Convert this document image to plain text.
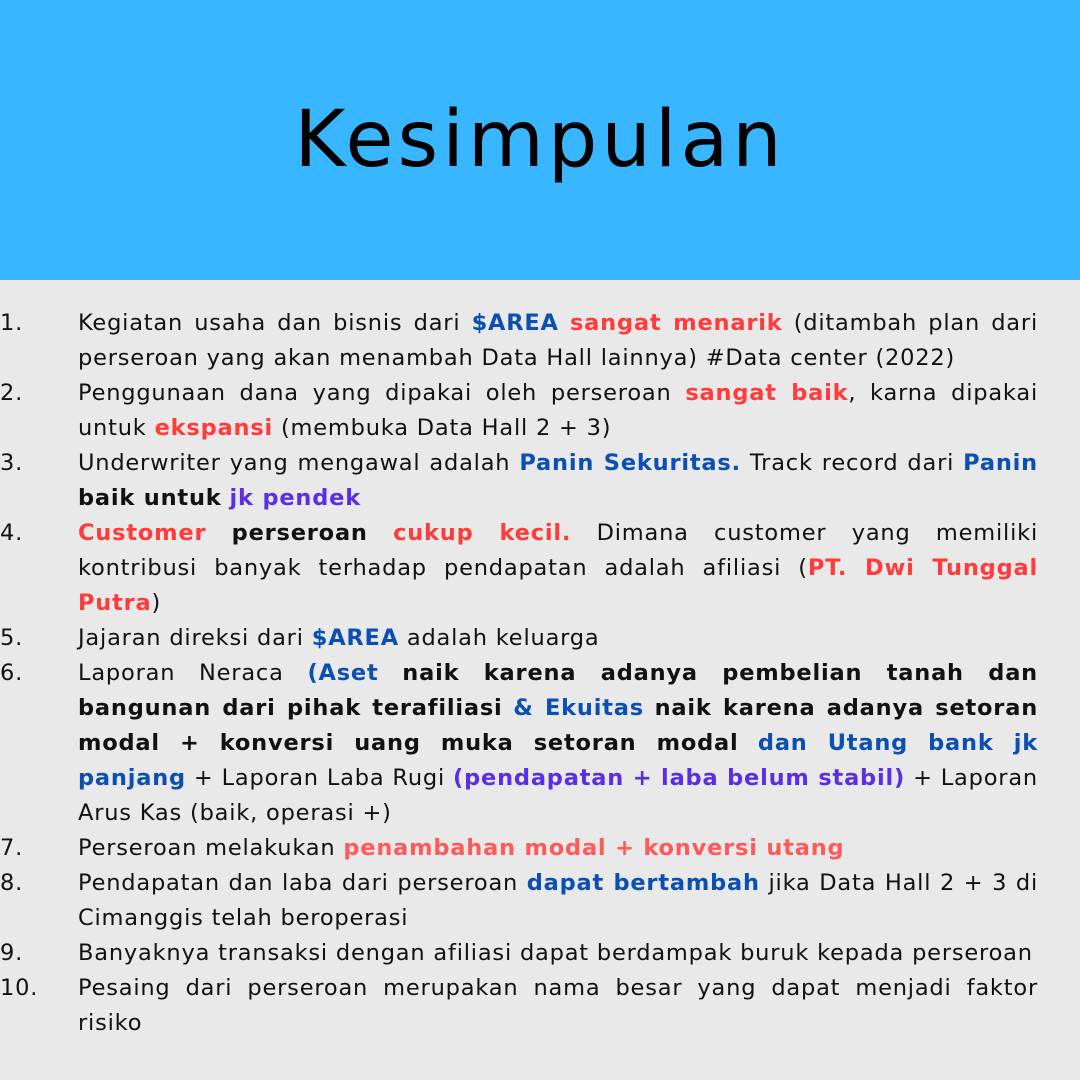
Kesimpulan
1.	Kegiatan usaha dan bisnis dari $AREA sangat menarik (ditambah plan dari perseroan yang akan menambah Data Hall lainnya) #Data center (2022)
2.	Penggunaan dana yang dipakai oleh perseroan sangat baik, karna dipakai untuk ekspansi (membuka Data Hall 2 + 3)
3.	Underwriter yang mengawal adalah Panin Sekuritas. Track record dari Panin baik untuk jk pendek
4.	Customer perseroan cukup kecil. Dimana customer yang memiliki kontribusi banyak terhadap pendapatan adalah afiliasi (PT. Dwi Tunggal Putra)
5.	Jajaran direksi dari $AREA adalah keluarga
6.	Laporan Neraca (Aset naik karena adanya pembelian tanah dan bangunan dari pihak terafiliasi & Ekuitas naik karena adanya setoran modal + konversi uang muka setoran modal dan Utang bank jk panjang + Laporan Laba Rugi (pendapatan + laba belum stabil) + Laporan Arus Kas (baik, operasi +)
7.	Perseroan melakukan penambahan modal + konversi utang
8.	Pendapatan dan laba dari perseroan dapat bertambah jika Data Hall 2 + 3 di Cimanggis telah beroperasi
9.	Banyaknya transaksi dengan afiliasi dapat berdampak buruk kepada perseroan
10.	Pesaing dari perseroan merupakan nama besar yang dapat menjadi faktor risiko
